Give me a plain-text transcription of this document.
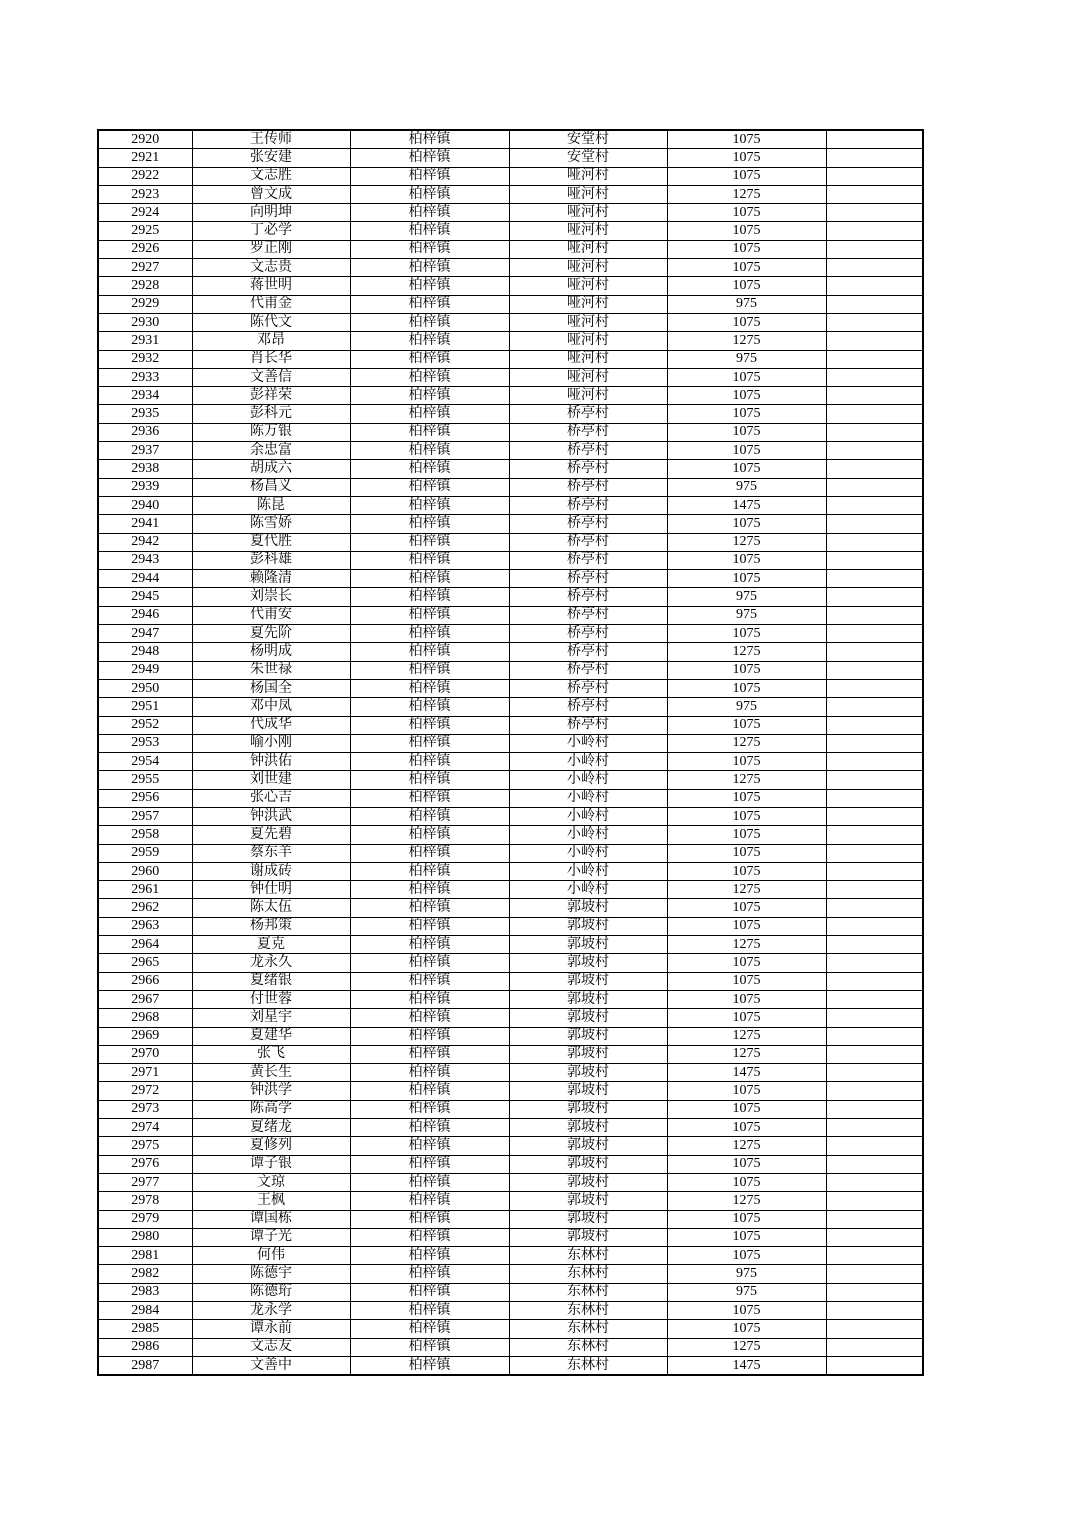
2920	王传师	柏梓镇	安堂村	1075	
2921	张安建	柏梓镇	安堂村	1075	
2922	文志胜	柏梓镇	哑河村	1075	
2923	曾文成	柏梓镇	哑河村	1275	
2924	向明坤	柏梓镇	哑河村	1075	
2925	丁必学	柏梓镇	哑河村	1075	
2926	罗正刚	柏梓镇	哑河村	1075	
2927	文志贵	柏梓镇	哑河村	1075	
2928	蒋世明	柏梓镇	哑河村	1075	
2929	代甫金	柏梓镇	哑河村	975	
2930	陈代文	柏梓镇	哑河村	1075	
2931	邓昂	柏梓镇	哑河村	1275	
2932	肖长华	柏梓镇	哑河村	975	
2933	文善信	柏梓镇	哑河村	1075	
2934	彭祥荣	柏梓镇	哑河村	1075	
2935	彭科元	柏梓镇	桥亭村	1075	
2936	陈万银	柏梓镇	桥亭村	1075	
2937	余忠富	柏梓镇	桥亭村	1075	
2938	胡成六	柏梓镇	桥亭村	1075	
2939	杨昌义	柏梓镇	桥亭村	975	
2940	陈昆	柏梓镇	桥亭村	1475	
2941	陈雪娇	柏梓镇	桥亭村	1075	
2942	夏代胜	柏梓镇	桥亭村	1275	
2943	彭科雄	柏梓镇	桥亭村	1075	
2944	赖隆清	柏梓镇	桥亭村	1075	
2945	刘崇长	柏梓镇	桥亭村	975	
2946	代甫安	柏梓镇	桥亭村	975	
2947	夏先阶	柏梓镇	桥亭村	1075	
2948	杨明成	柏梓镇	桥亭村	1275	
2949	朱世禄	柏梓镇	桥亭村	1075	
2950	杨国全	柏梓镇	桥亭村	1075	
2951	邓中凤	柏梓镇	桥亭村	975	
2952	代成华	柏梓镇	桥亭村	1075	
2953	喻小刚	柏梓镇	小岭村	1275	
2954	钟洪佑	柏梓镇	小岭村	1075	
2955	刘世建	柏梓镇	小岭村	1275	
2956	张心吉	柏梓镇	小岭村	1075	
2957	钟洪武	柏梓镇	小岭村	1075	
2958	夏先碧	柏梓镇	小岭村	1075	
2959	蔡东羊	柏梓镇	小岭村	1075	
2960	谢成砖	柏梓镇	小岭村	1075	
2961	钟仕明	柏梓镇	小岭村	1275	
2962	陈太伍	柏梓镇	郭坡村	1075	
2963	杨邦策	柏梓镇	郭坡村	1075	
2964	夏克	柏梓镇	郭坡村	1275	
2965	龙永久	柏梓镇	郭坡村	1075	
2966	夏绪银	柏梓镇	郭坡村	1075	
2967	付世蓉	柏梓镇	郭坡村	1075	
2968	刘星宇	柏梓镇	郭坡村	1075	
2969	夏建华	柏梓镇	郭坡村	1275	
2970	张飞	柏梓镇	郭坡村	1275	
2971	黄长生	柏梓镇	郭坡村	1475	
2972	钟洪学	柏梓镇	郭坡村	1075	
2973	陈高学	柏梓镇	郭坡村	1075	
2974	夏绪龙	柏梓镇	郭坡村	1075	
2975	夏修列	柏梓镇	郭坡村	1275	
2976	谭子银	柏梓镇	郭坡村	1075	
2977	文琼	柏梓镇	郭坡村	1075	
2978	王枫	柏梓镇	郭坡村	1275	
2979	谭国栋	柏梓镇	郭坡村	1075	
2980	谭子光	柏梓镇	郭坡村	1075	
2981	何伟	柏梓镇	东林村	1075	
2982	陈德宇	柏梓镇	东林村	975	
2983	陈德珩	柏梓镇	东林村	975	
2984	龙永学	柏梓镇	东林村	1075	
2985	谭永前	柏梓镇	东林村	1075	
2986	文志友	柏梓镇	东林村	1275	
2987	文善中	柏梓镇	东林村	1475	
